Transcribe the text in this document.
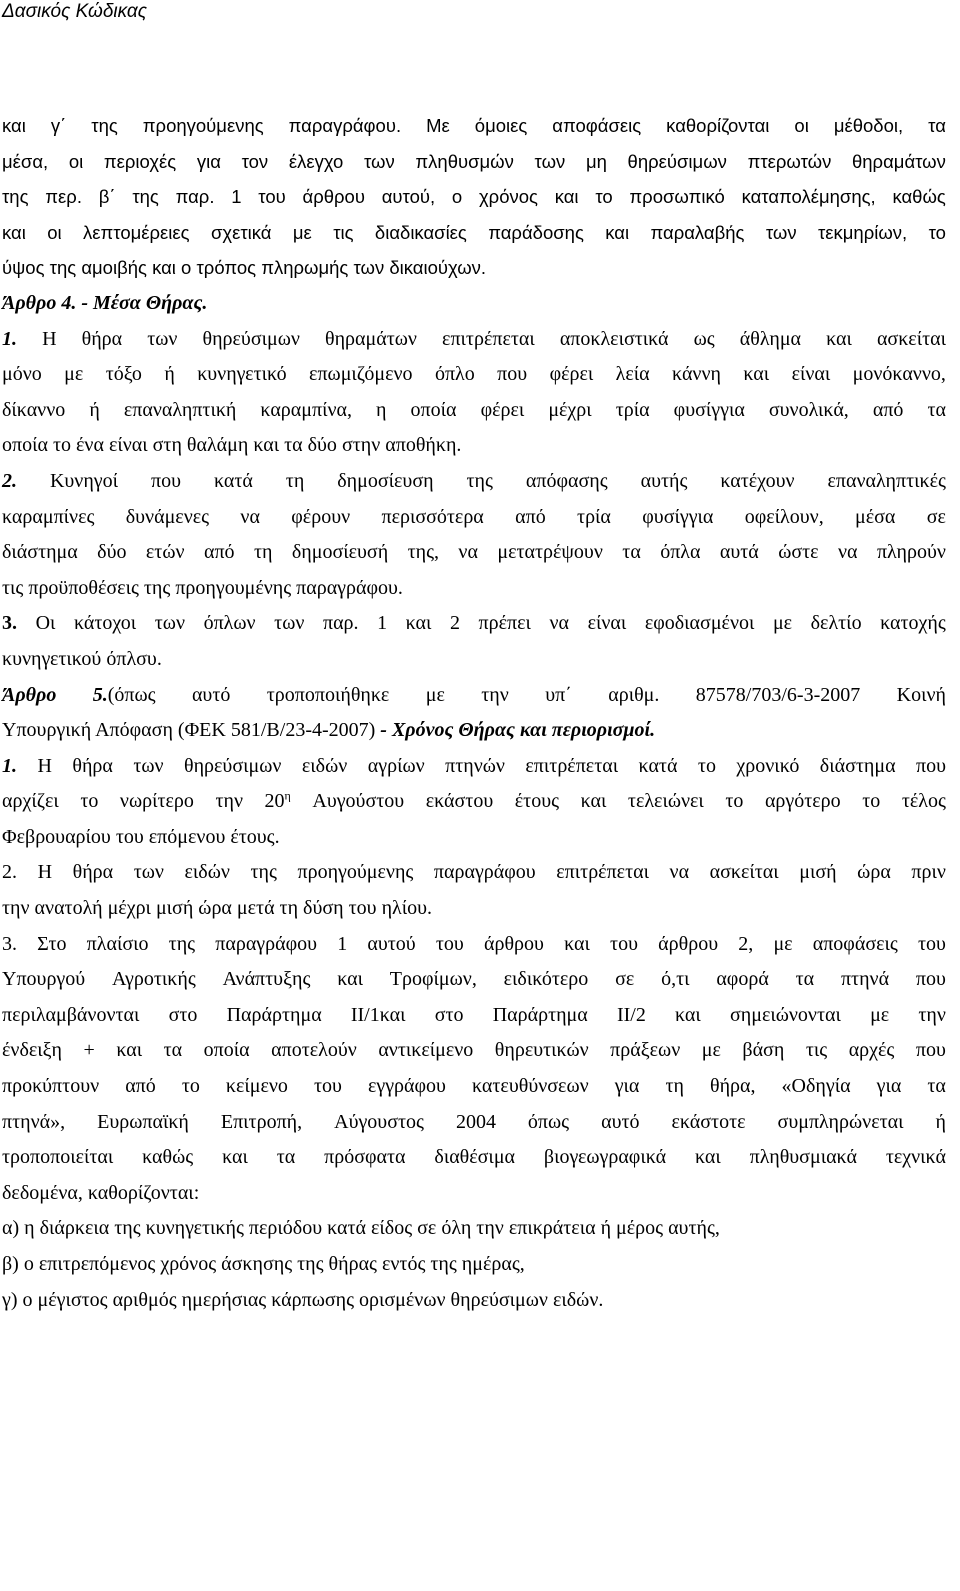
Δασικός Κώδικας
και γ΄ της προηγούμενης παραγράφου. Με όμοιες αποφάσεις καθορίζονται οι μέθοδοι, τα
μέσα, οι περιοχές για τον έλεγχο των πληθυσμών των μη θηρεύσιμων πτερωτών θηραμάτων
της περ. β΄ της παρ. 1 του άρθρου αυτού, ο χρόνος και το προσωπικό καταπολέμησης, καθώς
και οι λεπτομέρειες σχετικά με τις διαδικασίες παράδοσης και παραλαβής των τεκμηρίων, το
ύψος της αμοιβής και ο τρόπος πληρωμής των δικαιούχων.
Άρθρο 4. - Μέσα Θήρας.
1. Η θήρα των θηρεύσιμων θηραμάτων επιτρέπεται αποκλειστικά ως άθλημα και ασκείται
μόνο με τόξο ή κυνηγετικό επωμιζόμενο όπλο που φέρει λεία κάννη και είναι μονόκαννο,
δίκαννο ή επαναληπτική καραμπίνα, η οποία φέρει μέχρι τρία φυσίγγια συνολικά, από τα
οποία το ένα είναι στη θαλάμη και τα δύο στην αποθήκη.
2. Κυνηγοί που κατά τη δημοσίευση της απόφασης αυτής κατέχουν επαναληπτικές
καραμπίνες δυνάμενες να φέρουν περισσότερα από τρία φυσίγγια οφείλουν, μέσα σε
διάστημα δύο ετών από τη δημοσίευσή της, να μετατρέψουν τα όπλα αυτά ώστε να πληρούν
τις προϋποθέσεις της προηγουμένης παραγράφου.
3. Οι κάτοχοι των όπλων των παρ. 1 και 2 πρέπει να είναι εφοδιασμένοι με δελτίο κατοχής
κυνηγετικού όπλσυ.
Άρθρο 5.(όπως αυτό τροποποιήθηκε με την υπ΄ αριθμ. 87578/703/6-3-2007 Κοινή
Υπουργική Απόφαση (ΦΕΚ 581/Β/23-4-2007) - Χρόνος Θήρας και περιορισμοί.
1. Η θήρα των θηρεύσιμων ειδών αγρίων πτηνών επιτρέπεται κατά το χρονικό διάστημα που
αρχίζει το νωρίτερο την $20^\eta$ Αυγούστου εκάστου έτους και τελειώνει το αργότερο το τέλος
Φεβρουαρίου του επόμενου έτους.
2. Η θήρα των ειδών της προηγούμενης παραγράφου επιτρέπεται να ασκείται μισή ώρα πριν
την ανατολή μέχρι μισή ώρα μετά τη δύση του ηλίου.
3. Στο πλαίσιο της παραγράφου 1 αυτού του άρθρου και του άρθρου 2, με αποφάσεις του
Υπουργού Αγροτικής Ανάπτυξης και Τροφίμων, ειδικότερο σε ό,τι αφορά τα πτηνά που
περιλαμβάνονται στο Παράρτημα ΙΙ/1και στο Παράρτημα ΙΙ/2 και σημειώνονται με την
ένδειξη + και τα οποία αποτελούν αντικείμενο θηρευτικών πράξεων με βάση τις αρχές που
προκύπτουν από το κείμενο του εγγράφου κατευθύνσεων για τη θήρα, «Οδηγία για τα
πτηνά», Ευρωπαϊκή Επιτροπή, Αύγουστος 2004 όπως αυτό εκάστοτε συμπληρώνεται ή
τροποποιείται καθώς και τα πρόσφατα διαθέσιμα βιογεωγραφικά και πληθυσμιακά τεχνικά
δεδομένα, καθορίζονται:
α) η διάρκεια της κυνηγετικής περιόδου κατά είδος σε όλη την επικράτεια ή μέρος αυτής,
β) ο επιτρεπόμενος χρόνος άσκησης της θήρας εντός της ημέρας,
γ) ο μέγιστος αριθμός ημερήσιας κάρπωσης ορισμένων θηρεύσιμων ειδών.
